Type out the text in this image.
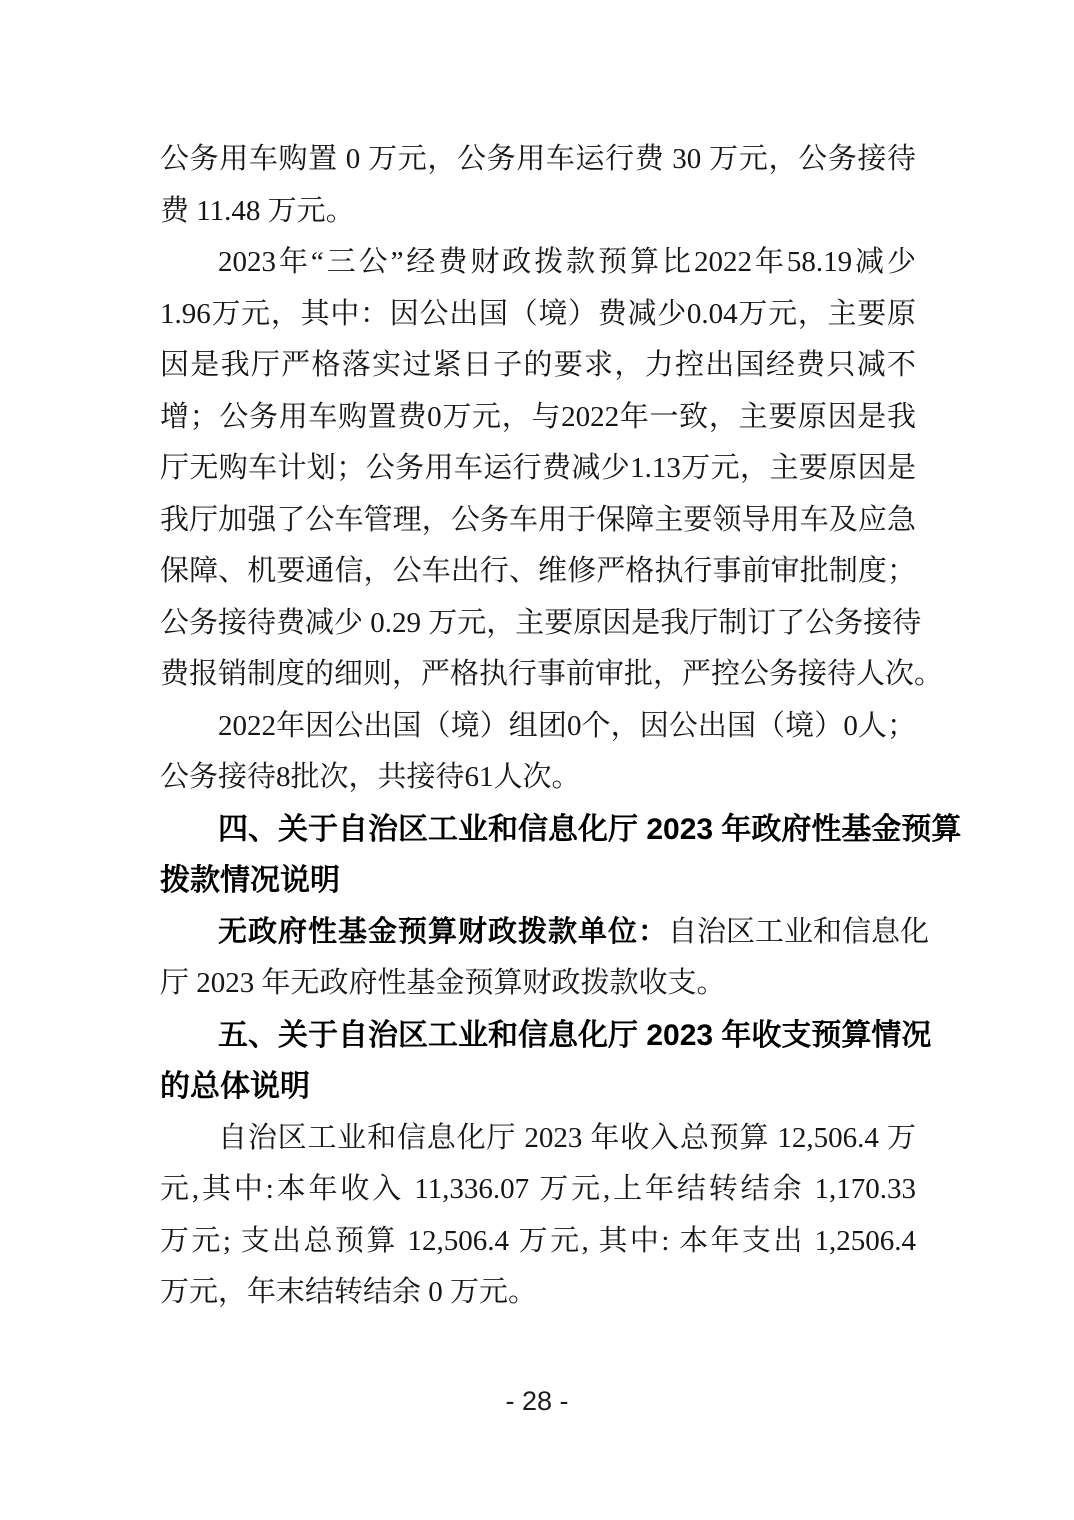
公务用车购置 0 万元，公务用车运行费 30 万元，公务接待
费 11.48 万元。
2023年“三公”经费财政拨款预算比2022年58.19减少
1.96万元，其中：因公出国（境）费减少0.04万元，主要原
因是我厅严格落实过紧日子的要求，力控出国经费只减不
增；公务用车购置费0万元，与2022年一致，主要原因是我
厅无购车计划；公务用车运行费减少1.13万元，主要原因是
我厅加强了公车管理，公务车用于保障主要领导用车及应急
保障、机要通信，公车出行、维修严格执行事前审批制度；
公务接待费减少 0.29 万元，主要原因是我厅制订了公务接待
费报销制度的细则，严格执行事前审批，严控公务接待人次。
2022年因公出国（境）组团0个，因公出国（境）0人；
公务接待8批次，共接待61人次。
四、关于自治区工业和信息化厅 2023 年政府性基金预算
拨款情况说明
无政府性基金预算财政拨款单位：自治区工业和信息化
厅 2023 年无政府性基金预算财政拨款收支。
五、关于自治区工业和信息化厅 2023 年收支预算情况
的总体说明
自治区工业和信息化厅 2023 年收入总预算 12,506.4 万
元,其中:本年收入 11,336.07 万元,上年结转结余 1,170.33
万元; 支出总预算 12,506.4 万元, 其中: 本年支出 1,2506.4
万元，年末结转结余 0 万元。
- 28 -
